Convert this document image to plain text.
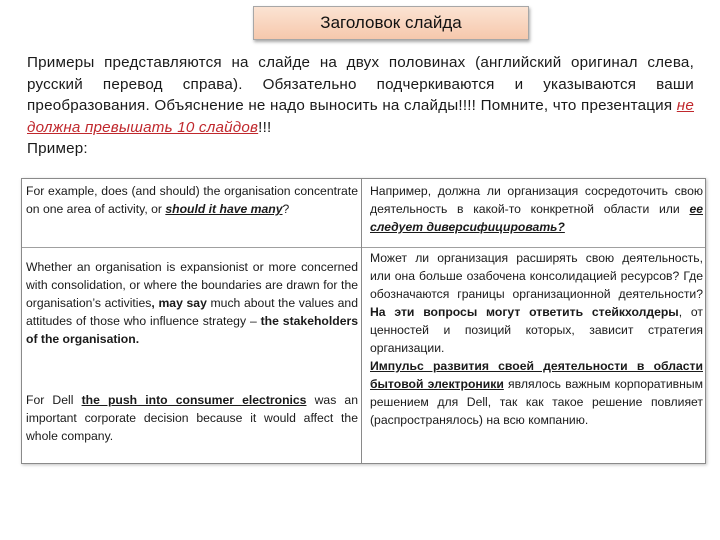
Заголовок слайда
Примеры представляются на слайде на двух половинах (английский оригинал слева, русский перевод справа). Обязательно подчеркиваются и указываются ваши преобразования. Объяснение не надо выносить на слайды!!!! Помните, что презентация не должна превышать 10 слайдов!!!
Пример:
For example, does (and should) the organisation concentrate on one area of activity, or should it have many?
Например, должна ли организация сосредоточить свою деятельность в какой-то конкретной области или ее следует диверсифицировать?

Whether an organisation is expansionist or more concerned with consolidation, or where the boundaries are drawn for the organisation’s activities, may say much about the values and attitudes of those who influence strategy – the stakeholders of the organisation.

For Dell the push into consumer electronics was an important corporate decision because it would affect the whole company.

Может ли организация расширять свою деятельность, или она больше озабочена консолидацией ресурсов? Где обозначаются границы организационной деятельности? На эти вопросы могут ответить стейкхолдеры, от ценностей и позиций которых, зависит стратегия организации.

Импульс развития своей деятельности в области бытовой электроники являлось важным корпоративным решением для Dell, так как такое решение повлияет (распространялось) на всю компанию.
